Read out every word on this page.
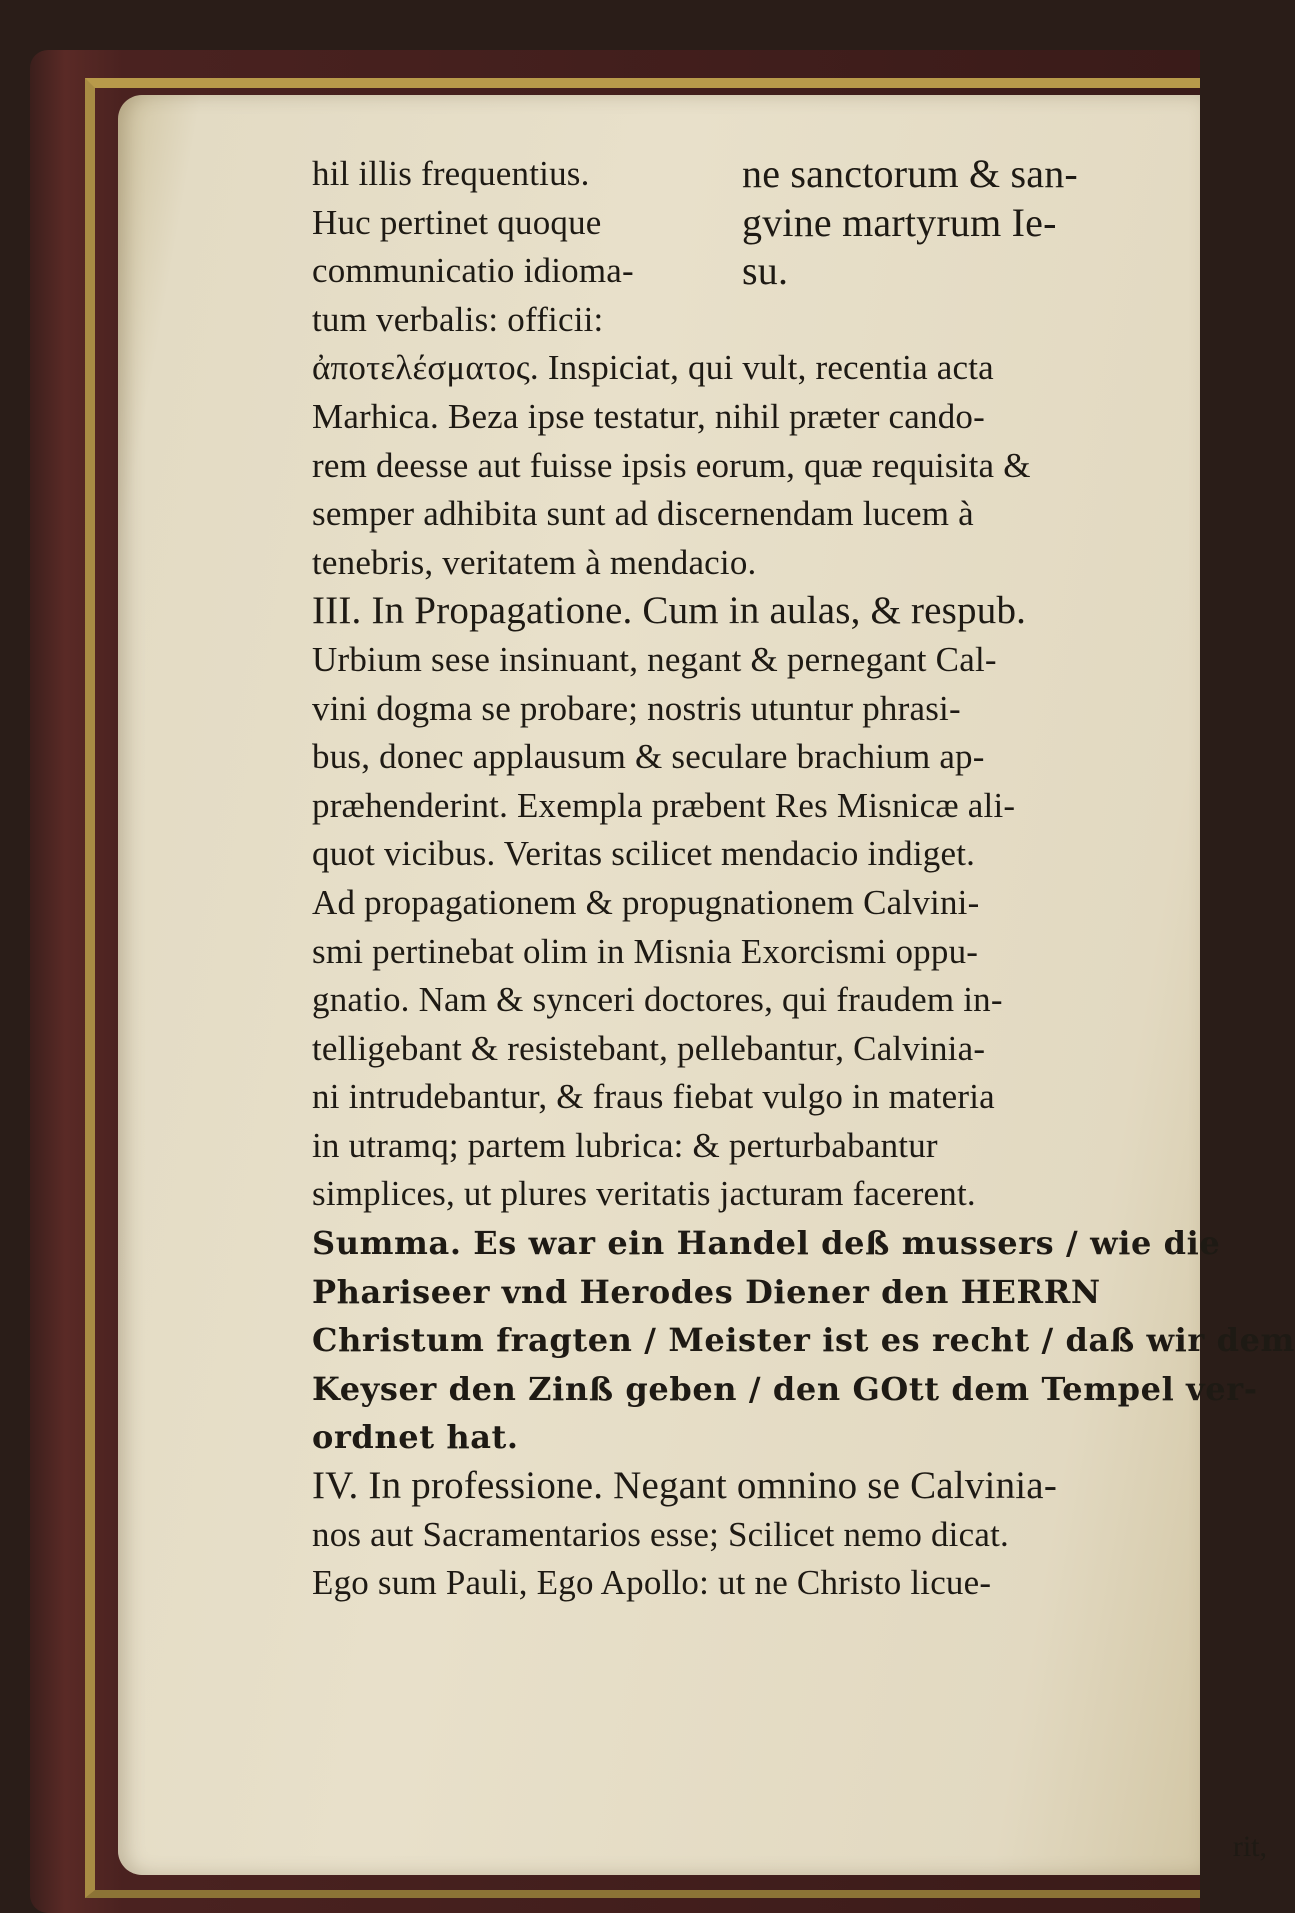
hil illis frequentius.
Huc pertinet quoque
communicatio idioma-
tum verbalis: officii:
ne sanctorum & san-
gvine martyrum Ie-
su.
ἀποτελέσματος. Inspiciat, qui vult, recentia acta
Marhica. Beza ipse testatur, nihil præter cando-
rem deesse aut fuisse ipsis eorum, quæ requisita &
semper adhibita sunt ad discernendam lucem à
tenebris, veritatem à mendacio.
III. In Propagatione. Cum in aulas, & respub.
Urbium sese insinuant, negant & pernegant Cal-
vini dogma se probare; nostris utuntur phrasi-
bus, donec applausum & seculare brachium ap-
præhenderint. Exempla præbent Res Misnicæ ali-
quot vicibus. Veritas scilicet mendacio indiget.
Ad propagationem & propugnationem Calvini-
smi pertinebat olim in Misnia Exorcismi oppu-
gnatio. Nam & synceri doctores, qui fraudem in-
telligebant & resistebant, pellebantur, Calvinia-
ni intrudebantur, & fraus fiebat vulgo in materia
in utramq; partem lubrica: & perturbabantur
simplices, ut plures veritatis jacturam facerent.
Summa. Es war ein Handel deß mussers / wie die
Phariseer vnd Herodes Diener den HERRN
Christum fragten / Meister ist es recht / daß wir dem
Keyser den Zinß geben / den GOtt dem Tempel ver-
ordnet hat.
IV. In professione. Negant omnino se Calvinia-
nos aut Sacramentarios esse; Scilicet nemo dicat.
Ego sum Pauli, Ego Apollo: ut ne Christo licue-
rit,
